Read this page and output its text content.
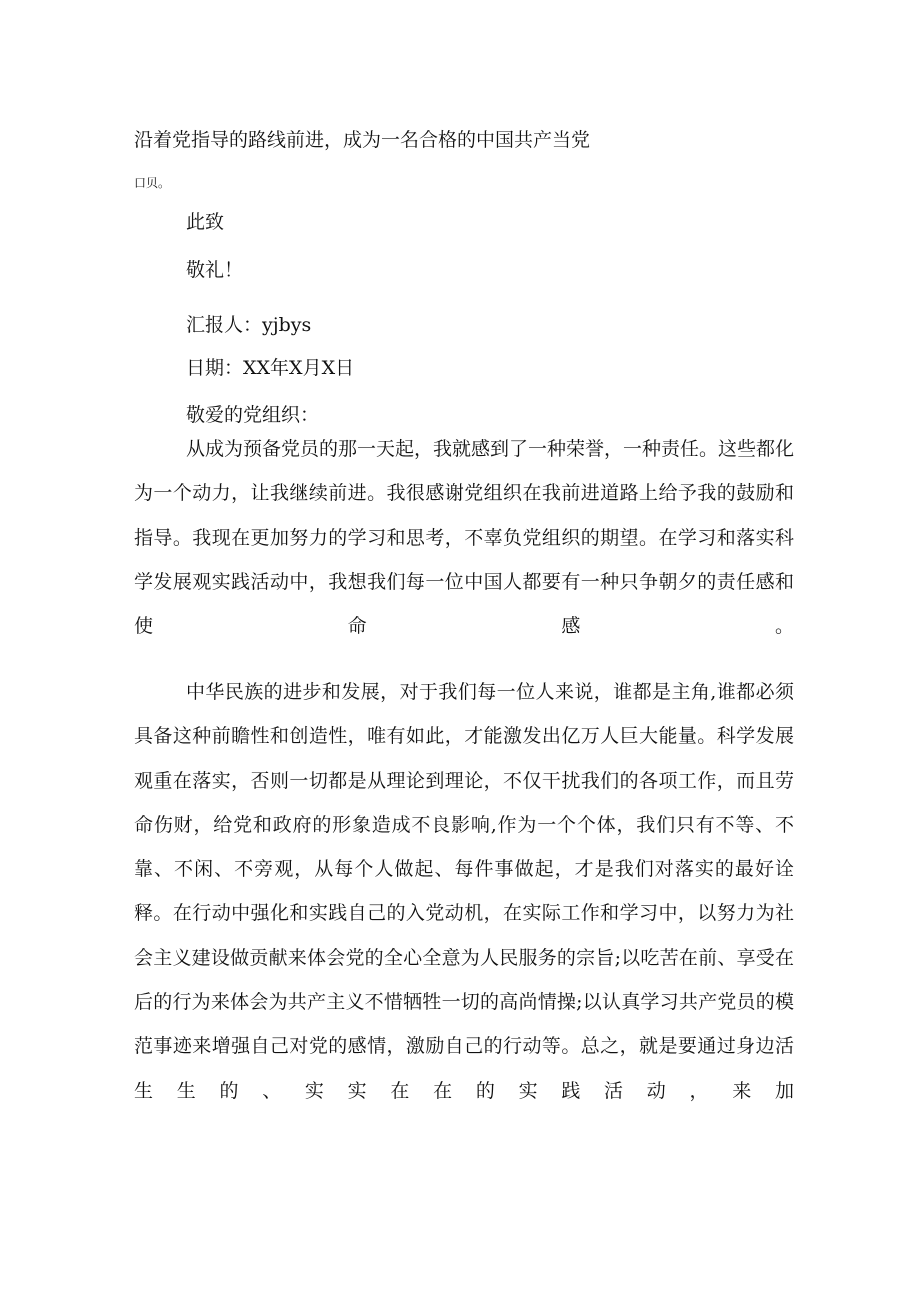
沿着党指导的路线前进，成为一名合格的中国共产当党
口贝。
此致
敬礼！
汇报人：yjbys
日期：XX年X月X日
敬爱的党组织：
从成为预备党员的那一天起，我就感到了一种荣誉，一种责任。这些都化为一个动力，让我继续前进。我很感谢党组织在我前进道路上给予我的鼓励和指导。我现在更加努力的学习和思考，不辜负党组织的期望。在学习和落实科学发展观实践活动中，我想我们每一位中国人都要有一种只争朝夕的责任感和使命感。
中华民族的进步和发展，对于我们每一位人来说，谁都是主角,谁都必须具备这种前瞻性和创造性，唯有如此，才能激发出亿万人巨大能量。科学发展观重在落实，否则一切都是从理论到理论，不仅干扰我们的各项工作，而且劳命伤财，给党和政府的形象造成不良影响,作为一个个体，我们只有不等、不靠、不闲、不旁观，从每个人做起、每件事做起，才是我们对落实的最好诠释。在行动中强化和实践自己的入党动机，在实际工作和学习中，以努力为社会主义建设做贡献来体会党的全心全意为人民服务的宗旨;以吃苦在前、享受在后的行为来体会为共产主义不惜牺牲一切的高尚情操;以认真学习共产党员的模范事迹来增强自己对党的感情，激励自己的行动等。总之，就是要通过身边活生生的、实实在在的实践活动，来加
